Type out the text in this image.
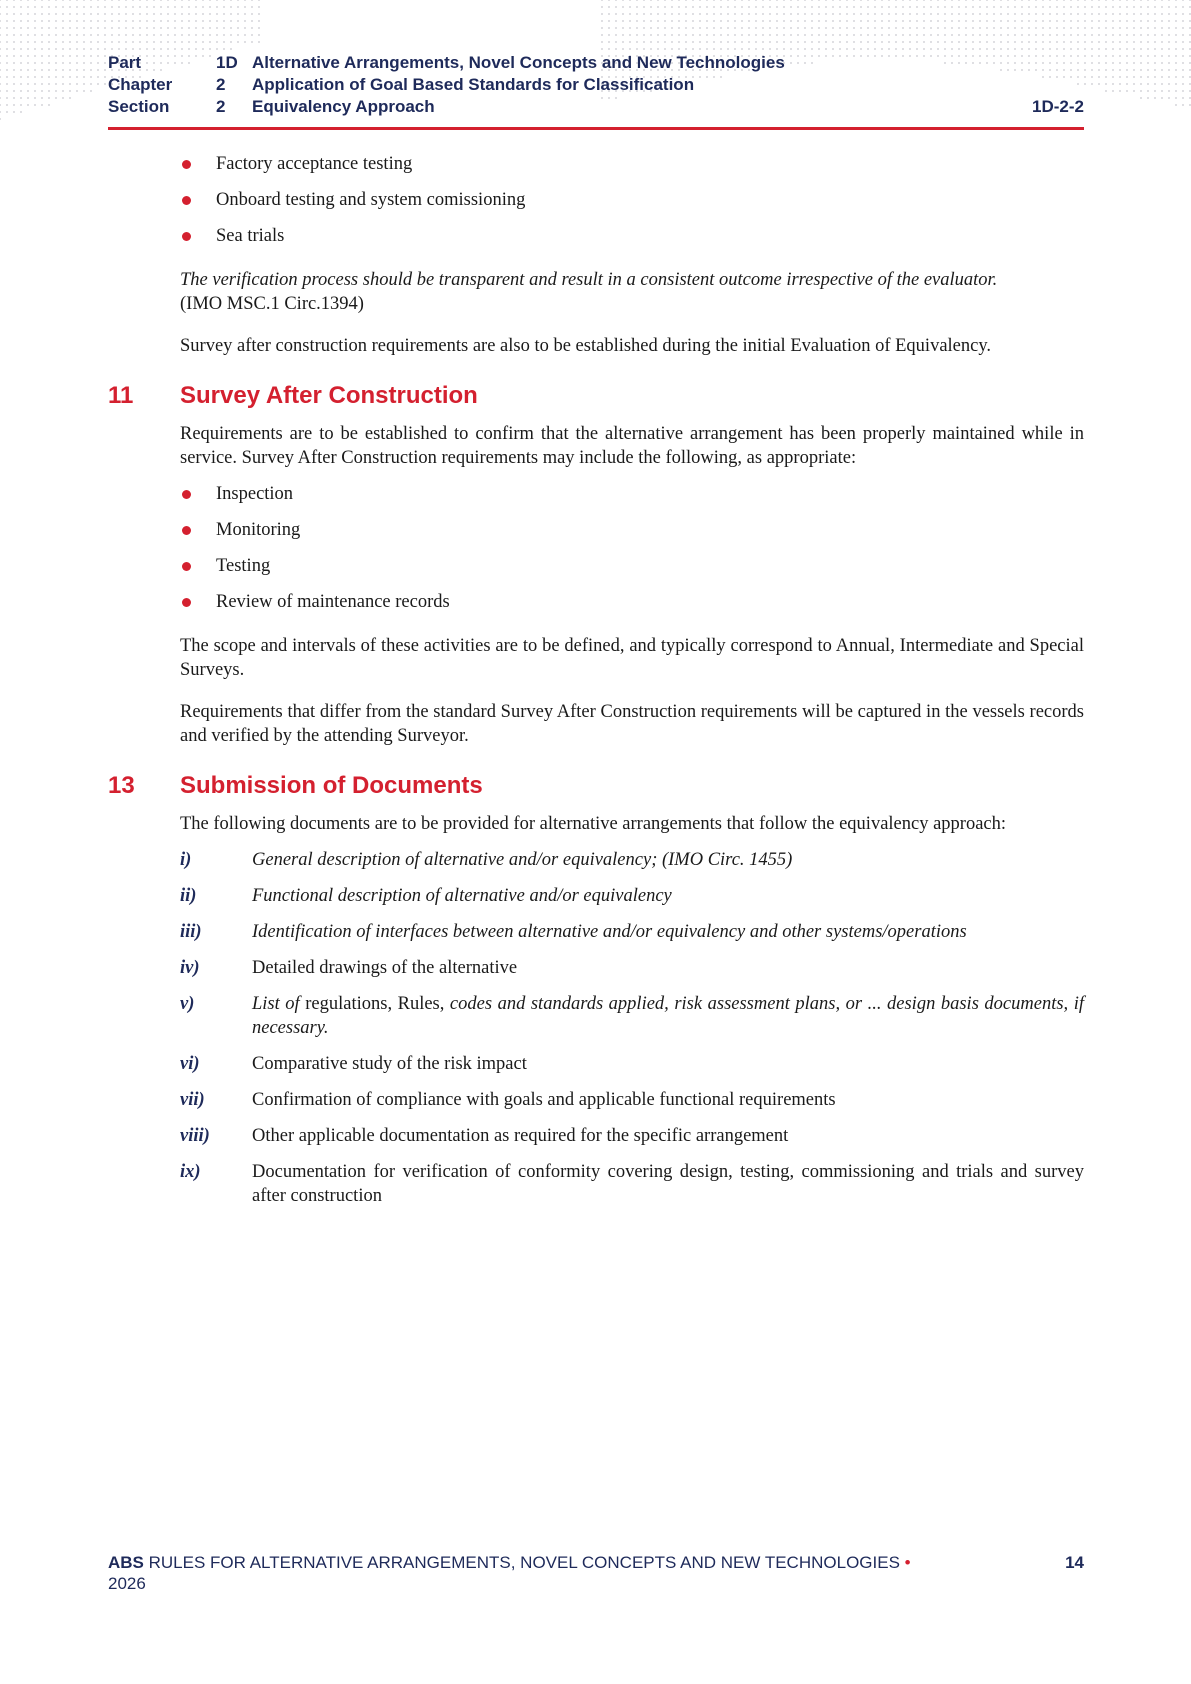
Part	1D Alternative Arrangements, Novel Concepts and New Technologies
Chapter	2	Application of Goal Based Standards for Classification
Section	2	Equivalency Approach	1D-2-2
Factory acceptance testing
Onboard testing and system comissioning
Sea trials

The verification process should be transparent and result in a consistent outcome irrespective of the evaluator.
(IMO MSC.1 Circ.1394)

Survey after construction requirements are also to be established during the initial Evaluation of Equivalency.

11	Survey After Construction

Requirements are to be established to confirm that the alternative arrangement has been properly maintained while in service. Survey After Construction requirements may include the following, as appropriate:

Inspection
Monitoring
Testing
Review of maintenance records

The scope and intervals of these activities are to be defined, and typically correspond to Annual, Intermediate and Special Surveys.

Requirements that differ from the standard Survey After Construction requirements will be captured in the vessels records and verified by the attending Surveyor.

13	Submission of Documents

The following documents are to be provided for alternative arrangements that follow the equivalency approach:

i)	General description of alternative and/or equivalency; (IMO Circ. 1455)
ii)	Functional description of alternative and/or equivalency
iii)	Identification of interfaces between alternative and/or equivalency and other systems/operations
iv)	Detailed drawings of the alternative
v)	List of regulations, Rules, codes and standards applied, risk assessment plans, or ... design basis documents, if necessary.
vi)	Comparative study of the risk impact
vii)	Confirmation of compliance with goals and applicable functional requirements
viii)	Other applicable documentation as required for the specific arrangement
ix)	Documentation for verification of conformity covering design, testing, commissioning and trials and survey after construction
ABS RULES FOR ALTERNATIVE ARRANGEMENTS, NOVEL CONCEPTS AND NEW TECHNOLOGIES •
2026
14
